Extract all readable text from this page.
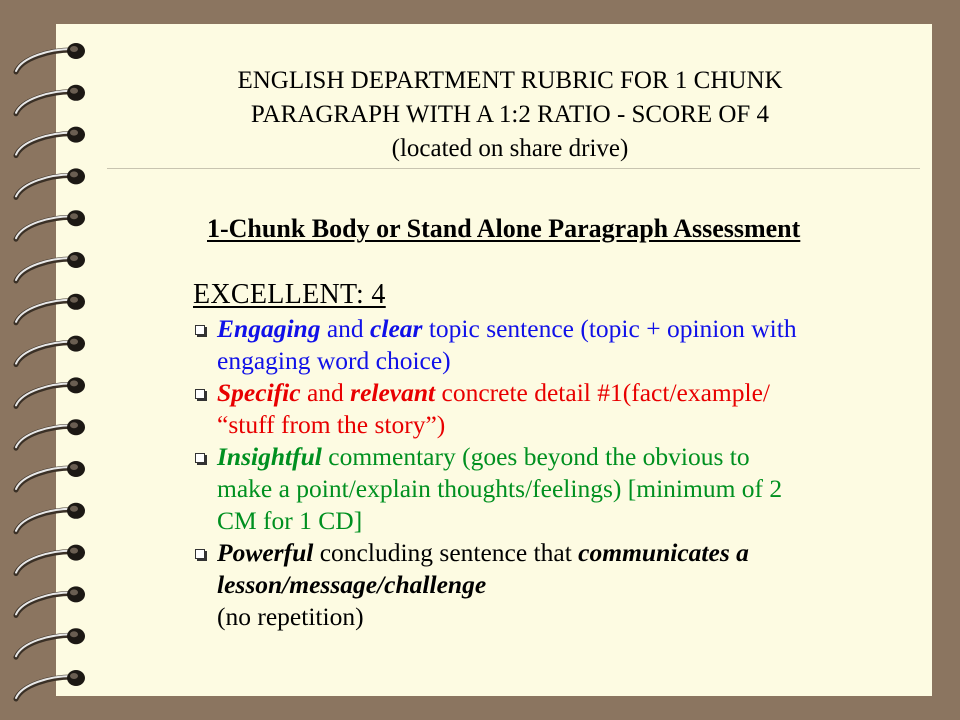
ENGLISH DEPARTMENT RUBRIC FOR 1 CHUNK
PARAGRAPH WITH A 1:2 RATIO - SCORE OF 4
(located on share drive)
1-Chunk Body or Stand Alone Paragraph Assessment
EXCELLENT: 4
Engaging and clear topic sentence (topic + opinion with
engaging word choice)
Specific and relevant concrete detail #1(fact/example/
“stuff from the story”)
Insightful commentary (goes beyond the obvious to
make a point/explain thoughts/feelings) [minimum of 2
CM for 1 CD]
Powerful concluding sentence that communicates a
lesson/message/challenge
(no repetition)
